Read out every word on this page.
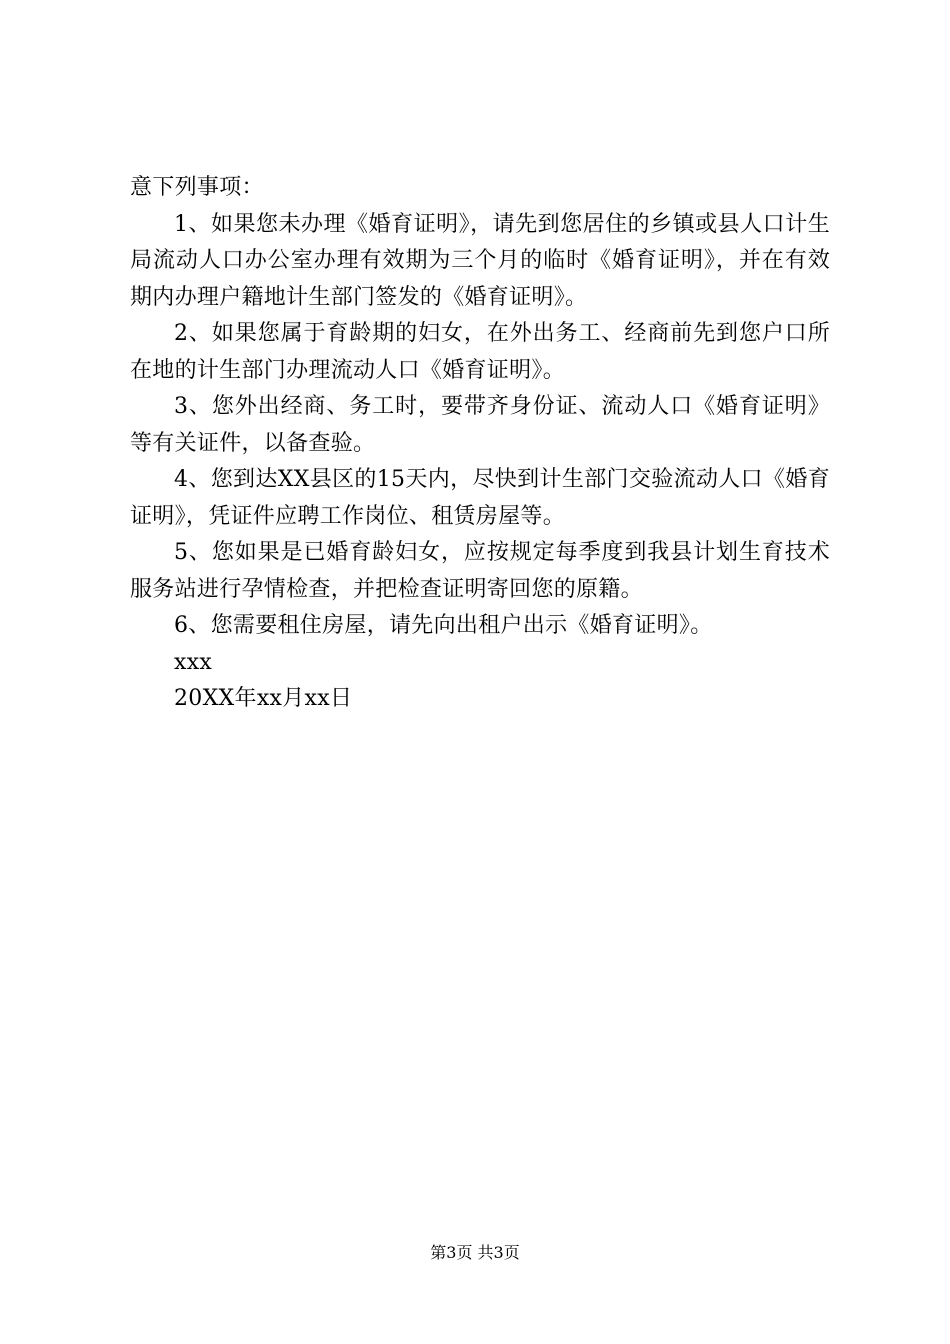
意下列事项：

1、如果您未办理《婚育证明》，请先到您居住的乡镇或县人口计生局流动人口办公室办理有效期为三个月的临时《婚育证明》，并在有效期内办理户籍地计生部门签发的《婚育证明》。

2、如果您属于育龄期的妇女，在外出务工、经商前先到您户口所在地的计生部门办理流动人口《婚育证明》。

3、您外出经商、务工时，要带齐身份证、流动人口《婚育证明》等有关证件，以备查验。

4、您到达XX县区的15天内，尽快到计生部门交验流动人口《婚育证明》，凭证件应聘工作岗位、租赁房屋等。

5、您如果是已婚育龄妇女，应按规定每季度到我县计划生育技术服务站进行孕情检查，并把检查证明寄回您的原籍。

6、您需要租住房屋，请先向出租户出示《婚育证明》。

xxx

20XX年xx月xx日

第3页 共3页
